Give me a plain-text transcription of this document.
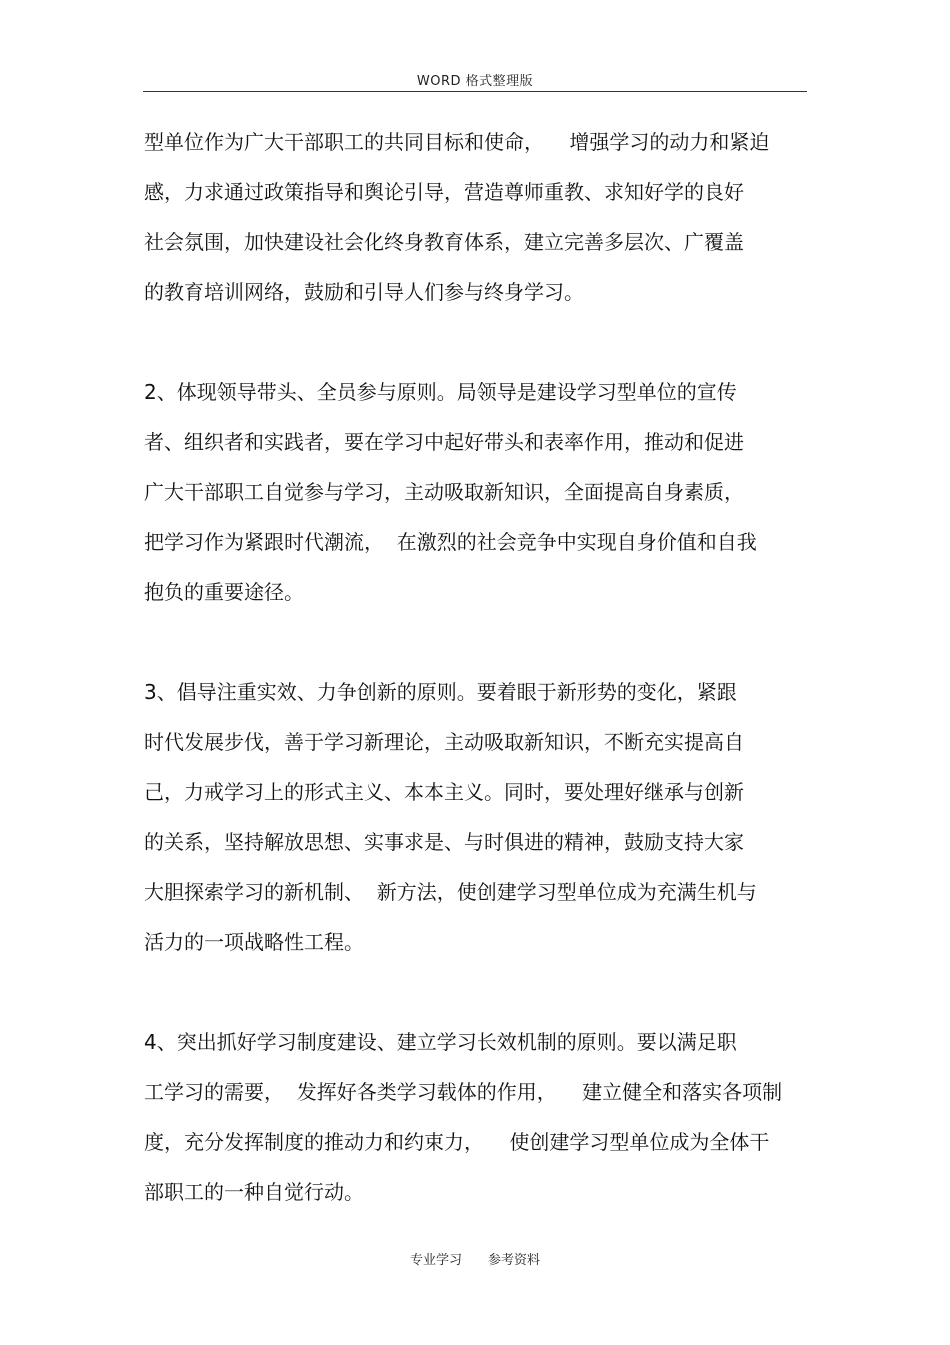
WORD 格式整理版
型单位作为广大干部职工的共同目标和使命，    增强学习的动力和紧迫
感，力求通过政策指导和舆论引导，营造尊师重教、求知好学的良好
社会氛围，加快建设社会化终身教育体系，建立完善多层次、广覆盖
的教育培训网络，鼓励和引导人们参与终身学习。
2、体现领导带头、全员参与原则。局领导是建设学习型单位的宣传
者、组织者和实践者，要在学习中起好带头和表率作用，推动和促进
广大干部职工自觉参与学习，主动吸取新知识，全面提高自身素质，
把学习作为紧跟时代潮流，  在激烈的社会竞争中实现自身价值和自我
抱负的重要途径。
3、倡导注重实效、力争创新的原则。要着眼于新形势的变化，紧跟
时代发展步伐，善于学习新理论，主动吸取新知识，不断充实提高自
己，力戒学习上的形式主义、本本主义。同时，要处理好继承与创新
的关系，坚持解放思想、实事求是、与时俱进的精神，鼓励支持大家
大胆探索学习的新机制、  新方法，使创建学习型单位成为充满生机与
活力的一项战略性工程。
4、突出抓好学习制度建设、建立学习长效机制的原则。要以满足职
工学习的需要，  发挥好各类学习载体的作用，    建立健全和落实各项制
度，充分发挥制度的推动力和约束力，    使创建学习型单位成为全体干
部职工的一种自觉行动。
专业学习 参考资料
